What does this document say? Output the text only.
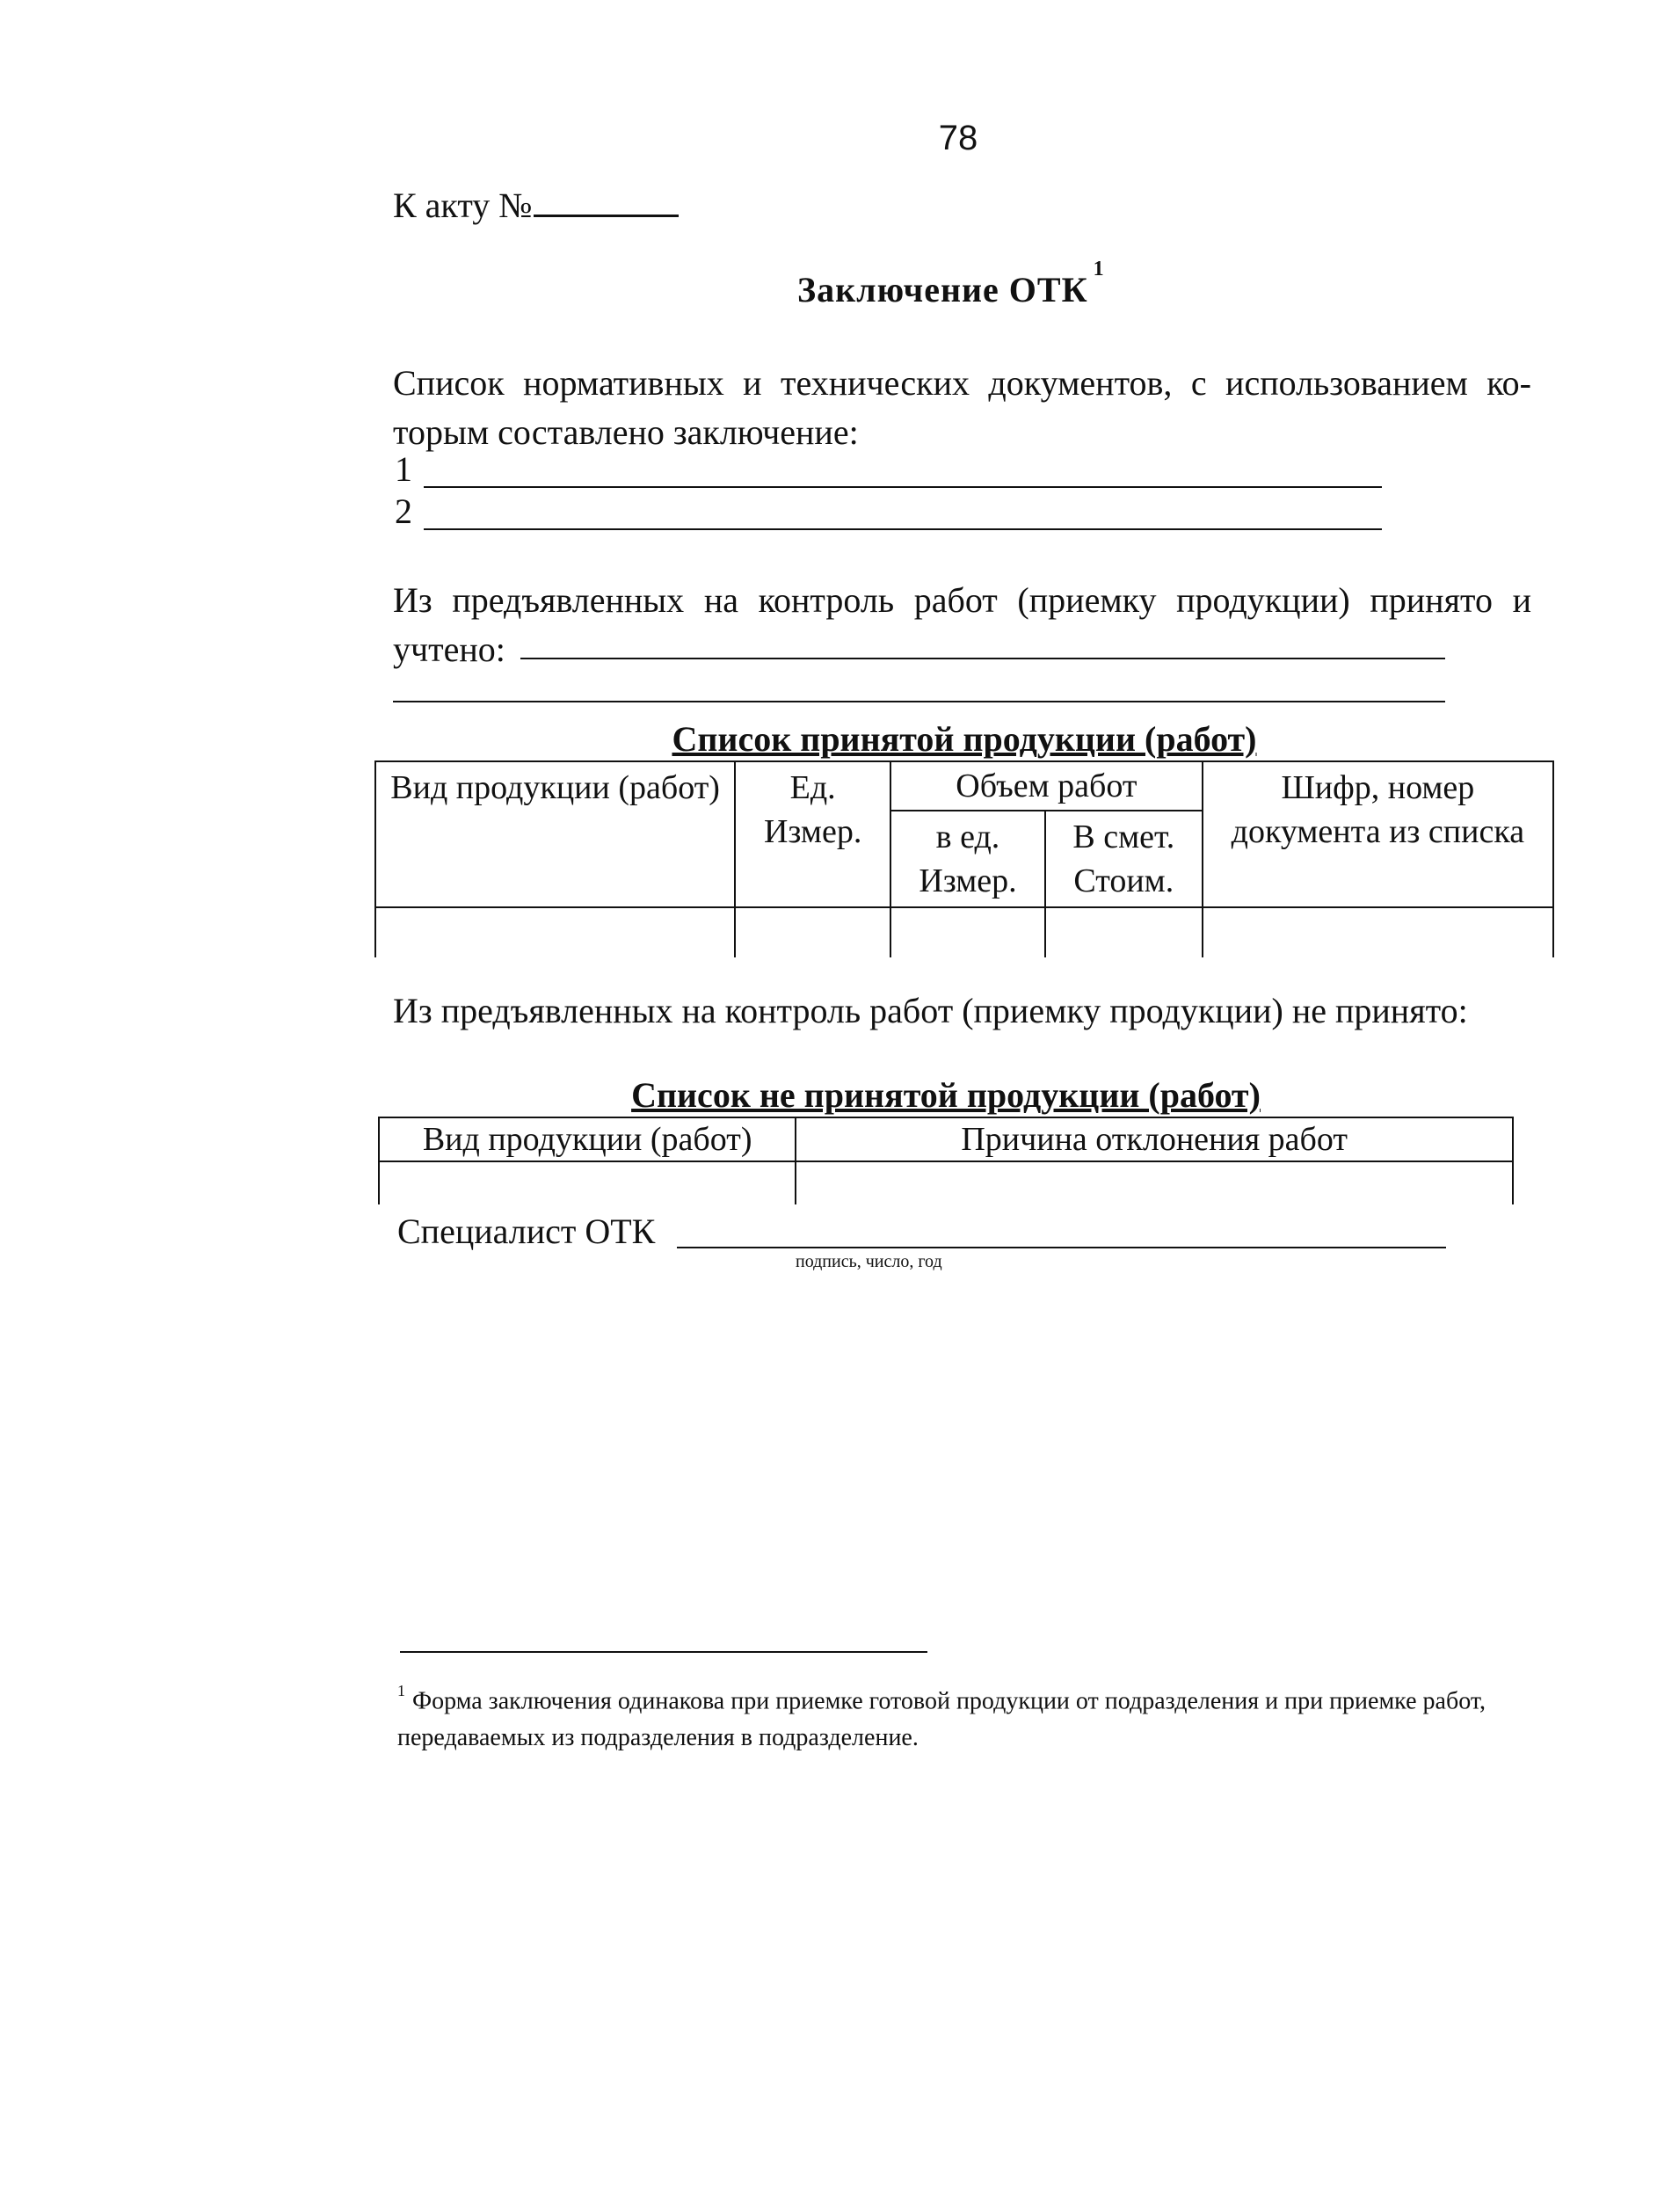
78
К акту №
Заключение ОТК$^1$
Список нормативных и технических документов, с использованием ко-торым составлено заключение:
1
2
Из предъявленных на контроль работ (приемку продукции) принято и учтено:
Список принятой продукции (работ)
Вид продукции (работ)	Ед. Измер.	Объем работ		Шифр, номер документа из списка
		в ед. Измер.	В смет. Стоим.	

Из предъявленных на контроль работ (приемку продукции) не принято:
Список не принятой продукции (работ)
Вид продукции (работ)	Причина отклонения работ

Специалист ОТК
подпись, число, год
$^1$ Форма заключения одинакова при приемке готовой продукции от подразделения и при приемке работ, передаваемых из подразделения в подразделение.
